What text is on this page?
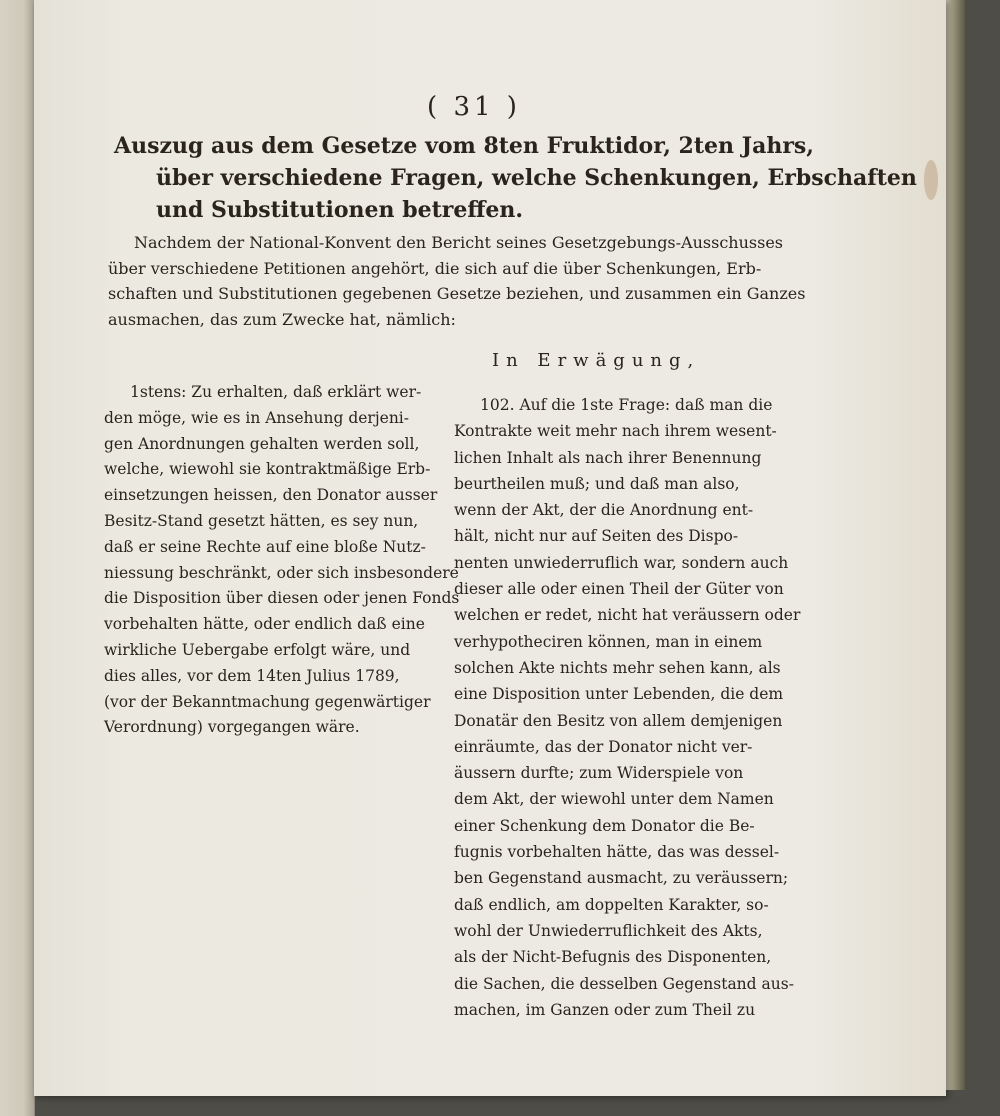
( 31 )
Auszug aus dem Gesetze vom 8ten Fruktidor, 2ten Jahrs,
über verschiedene Fragen, welche Schenkungen, Erbschaften
und Substitutionen betreffen.
Nachdem der National-Konvent den Bericht seines Gesetzgebungs-Ausschusses
über verschiedene Petitionen angehört, die sich auf die über Schenkungen, Erb-
schaften und Substitutionen gegebenen Gesetze beziehen, und zusammen ein Ganzes
ausmachen, das zum Zwecke hat, nämlich:
In Erwägung,
1stens: Zu erhalten, daß erklärt wer-
den möge, wie es in Ansehung derjeni-
gen Anordnungen gehalten werden soll,
welche, wiewohl sie kontraktmäßige Erb-
einsetzungen heissen, den Donator ausser
Besitz-Stand gesetzt hätten, es sey nun,
daß er seine Rechte auf eine bloße Nutz-
niessung beschränkt, oder sich insbesondere
die Disposition über diesen oder jenen Fonds
vorbehalten hätte, oder endlich daß eine
wirkliche Uebergabe erfolgt wäre, und
dies alles, vor dem 14ten Julius 1789,
(vor der Bekanntmachung gegenwärtiger
Verordnung) vorgegangen wäre.
102. Auf die 1ste Frage: daß man die
Kontrakte weit mehr nach ihrem wesent-
lichen Inhalt als nach ihrer Benennung
beurtheilen muß; und daß man also,
wenn der Akt, der die Anordnung ent-
hält, nicht nur auf Seiten des Dispo-
nenten unwiederruflich war, sondern auch
dieser alle oder einen Theil der Güter von
welchen er redet, nicht hat veräussern oder
verhypotheciren können, man in einem
solchen Akte nichts mehr sehen kann, als
eine Disposition unter Lebenden, die dem
Donatär den Besitz von allem demjenigen
einräumte, das der Donator nicht ver-
äussern durfte; zum Widerspiele von
dem Akt, der wiewohl unter dem Namen
einer Schenkung dem Donator die Be-
fugnis vorbehalten hätte, das was dessel-
ben Gegenstand ausmacht, zu veräussern;
daß endlich, am doppelten Karakter, so-
wohl der Unwiederruflichkeit des Akts,
als der Nicht-Befugnis des Disponenten,
die Sachen, die desselben Gegenstand aus-
machen, im Ganzen oder zum Theil zu
